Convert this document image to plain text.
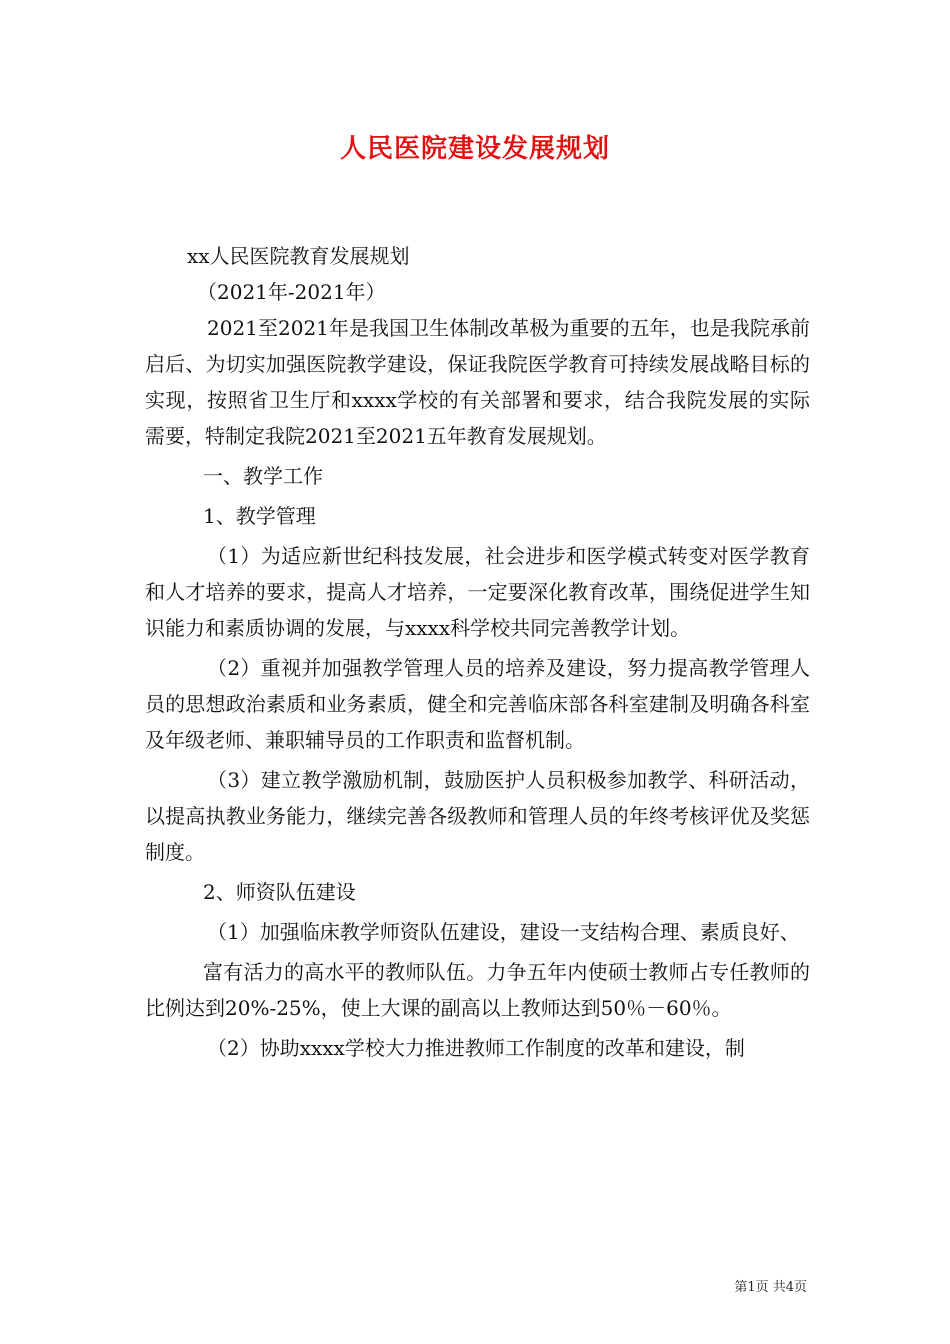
人民医院建设发展规划

xx人民医院教育发展规划

（2021年-2021年）

2021至2021年是我国卫生体制改革极为重要的五年，也是我院承前启后、为切实加强医院教学建设，保证我院医学教育可持续发展战略目标的实现，按照省卫生厅和xxxx学校的有关部署和要求，结合我院发展的实际需要，特制定我院2021至2021五年教育发展规划。

一、教学工作

1、教学管理

（1）为适应新世纪科技发展，社会进步和医学模式转变对医学教育和人才培养的要求，提高人才培养，一定要深化教育改革，围绕促进学生知识能力和素质协调的发展，与xxxx科学校共同完善教学计划。

（2）重视并加强教学管理人员的培养及建设，努力提高教学管理人员的思想政治素质和业务素质，健全和完善临床部各科室建制及明确各科室及年级老师、兼职辅导员的工作职责和监督机制。

（3）建立教学激励机制，鼓励医护人员积极参加教学、科研活动，以提高执教业务能力，继续完善各级教师和管理人员的年终考核评优及奖惩制度。

2、师资队伍建设

（1）加强临床教学师资队伍建设，建设一支结构合理、素质良好、

富有活力的高水平的教师队伍。力争五年内使硕士教师占专任教师的比例达到20%-25%，使上大课的副高以上教师达到50％－60％。

（2）协助xxxx学校大力推进教师工作制度的改革和建设，制

第1页 共4页
